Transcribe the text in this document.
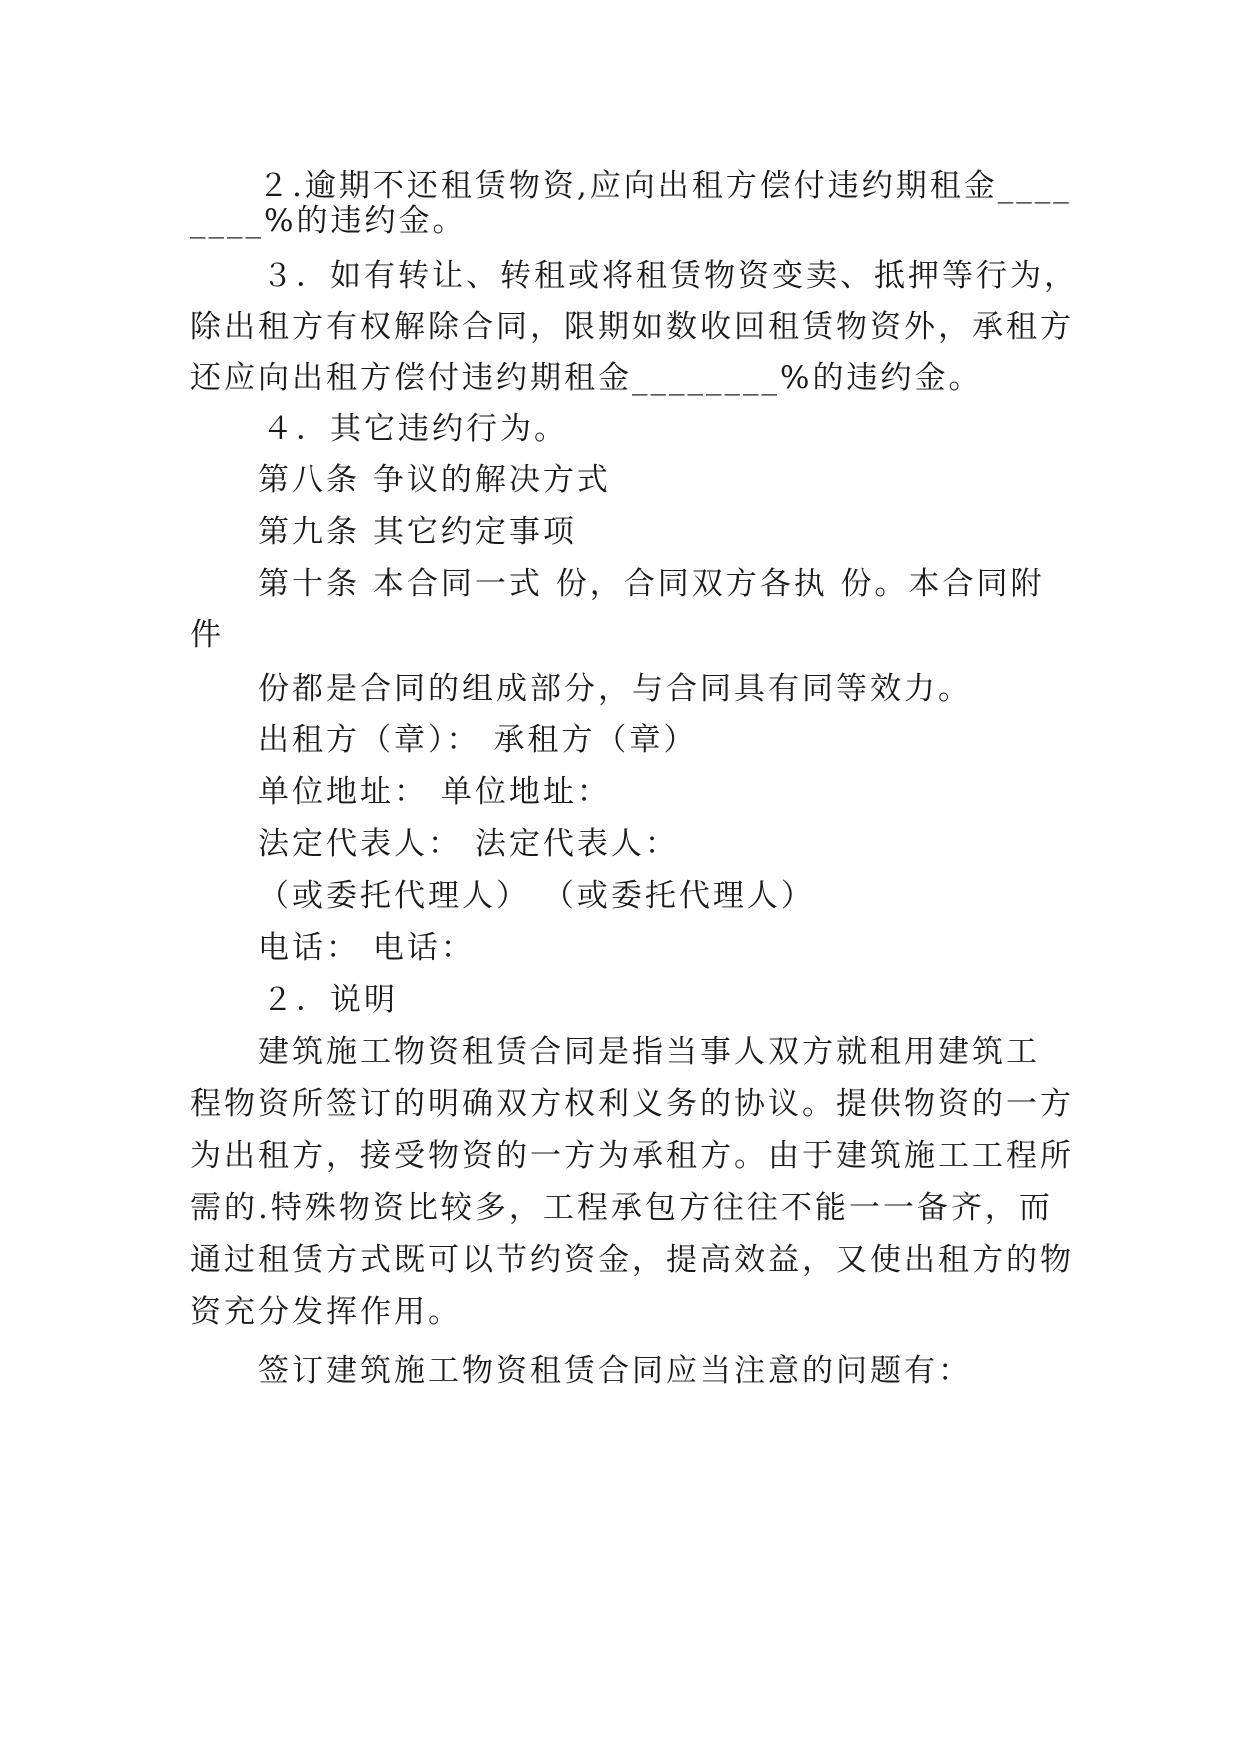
２.逾期不还租赁物资,应向出租方偿付违约期租金____
____%的违约金。
３．如有转让、转租或将租赁物资变卖、抵押等行为，
除出租方有权解除合同，限期如数收回租赁物资外，承租方
还应向出租方偿付违约期租金________%的违约金。
４．其它违约行为。
第八条 争议的解决方式
第九条 其它约定事项
第十条 本合同一式 份，合同双方各执 份。本合同附
件
份都是合同的组成部分，与合同具有同等效力。
出租方（章）： 承租方（章）
单位地址： 单位地址：
法定代表人： 法定代表人：
（或委托代理人） （或委托代理人）
电话： 电话：
２．说明
建筑施工物资租赁合同是指当事人双方就租用建筑工
程物资所签订的明确双方权利义务的协议。提供物资的一方
为出租方，接受物资的一方为承租方。由于建筑施工工程所
需的.特殊物资比较多，工程承包方往往不能一一备齐，而
通过租赁方式既可以节约资金，提高效益，又使出租方的物
资充分发挥作用。
签订建筑施工物资租赁合同应当注意的问题有：
